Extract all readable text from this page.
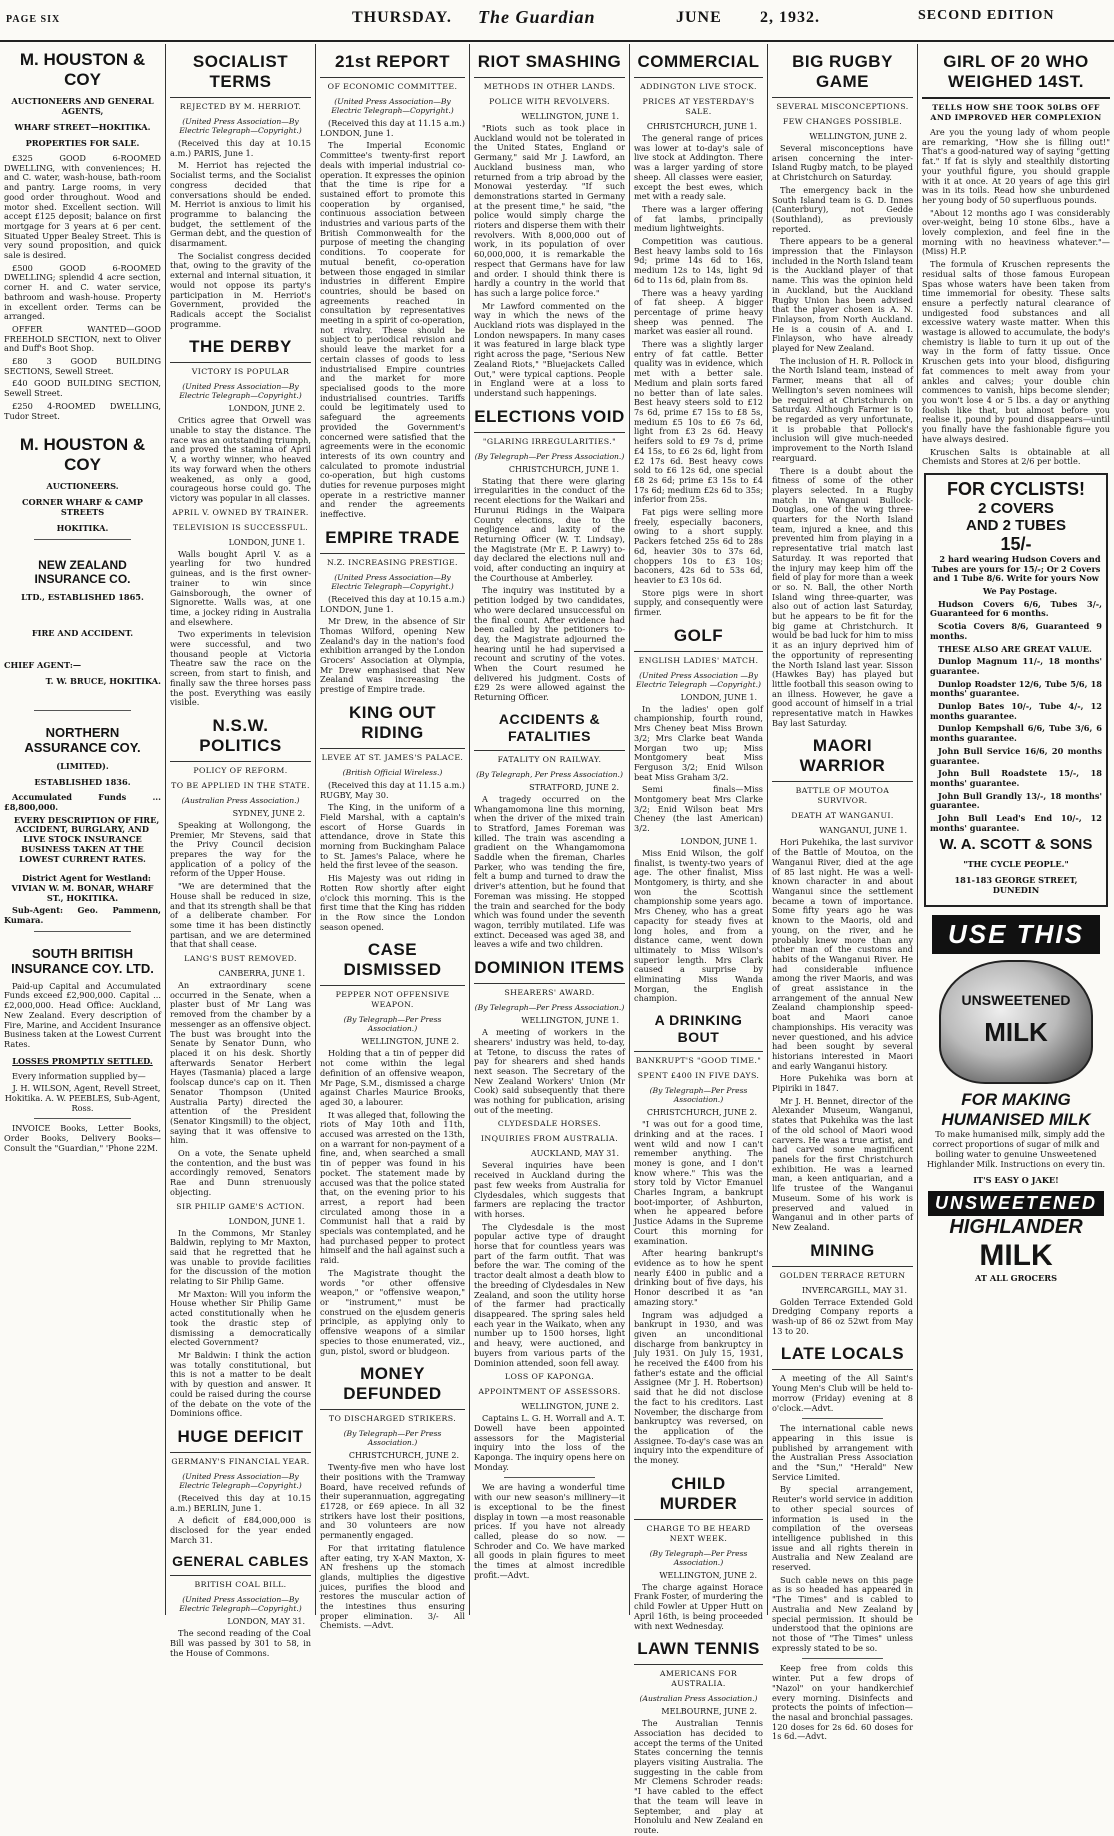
PAGE SIX	THURSDAY. The Guardian	JUNE 2, 1932.	SECOND EDITION
M. HOUSTON & COY
AUCTIONEERS AND GENERAL AGENTS,
WHARF STREET—HOKITIKA.
PROPERTIES FOR SALE.

£325 GOOD 6-ROOMED DWELLING, with conveniences; H. and C. water, wash-house, bath-room and pantry. Large rooms, in very good order throughout. Wood and motor shed. Excellent section. Will accept £125 deposit; balance on first mortgage for 3 years at 6 per cent. Situated Upper Bealey Street. This is very sound proposition, and quick sale is desired.

£500 GOOD 6-ROOMED DWELLING; splendid 4 acre section, corner H. and C. water service, bathroom and wash-house. Property in excellent order. Terms can be arranged.

OFFER WANTED—GOOD FREEHOLD SECTION, next to Oliver and Duff's Boot Shop.

£80 3 GOOD BUILDING SECTIONS, Sewell Street.

£40 GOOD BUILDING SECTION, Sewell Street.

£250 4-ROOMED DWELLING, Tudor Street.

M. HOUSTON & COY
AUCTIONEERS.
CORNER WHARF & CAMP STREETS
HOKITIKA.
NEW ZEALAND INSURANCE CO.
LTD., ESTABLISHED 1865.
FIRE AND ACCIDENT.
CHIEF AGENT:—
T. W. BRUCE, HOKITIKA.
NORTHERN ASSURANCE COY.
(LIMITED).
ESTABLISHED 1836.

Accumulated Funds ... £8,800,000.

EVERY DESCRIPTION OF FIRE, ACCIDENT, BURGLARY, AND LIVE STOCK INSURANCE BUSINESS TAKEN AT THE LOWEST CURRENT RATES.

District Agent for Westland: VIVIAN W. M. BONAR, WHARF ST., HOKITIKA.

Sub-Agent: Geo. Pammenn, Kumara.

SOUTH BRITISH INSURANCE COY. LTD.

Paid-up Capital and Accumulated Funds exceed £2,900,000. Capital ... £2,000,000. Head Office: Auckland, New Zealand. Every description of Fire, Marine, and Accident Insurance Business taken at the Lowest Current Rates.

LOSSES PROMPTLY SETTLED.

Every information supplied by—

J. H. WILSON, Agent, Revell Street, Hokitika. A. W. PEEBLES, Sub-Agent, Ross.

INVOICE Books, Letter Books, Order Books, Delivery Books—Consult the "Guardian," 'Phone 22M.

SOCIALIST TERMS
REJECTED BY M. HERRIOT.
(United Press Association—By Electric Telegraph—Copyright.)

(Received this day at 10.15 a.m.) PARIS, June 1.

M. Herriot has rejected the Socialist terms, and the Socialist congress decided that conversations should be ended. M. Herriot is anxious to limit his programme to balancing the budget, the settlement of the German debt, and the question of disarmament.

The Socialist congress decided that, owing to the gravity of the external and internal situation, it would not oppose its party's participation in M. Herriot's Government, provided the Radicals accept the Socialist programme.

THE DERBY
VICTORY IS POPULAR
(United Press Association—By Electric Telegraph—Copyright.)
LONDON, JUNE 2.

Critics agree that Orwell was unable to stay the distance. The race was an outstanding triumph, and proved the stamina of April V, a worthy winner, who heaved its way forward when the others weakened, as only a good, courageous horse could go. The victory was popular in all classes.

APRIL V. OWNED BY TRAINER.
TELEVISION IS SUCCESSFUL.
LONDON, JUNE 1.

Walls bought April V. as a yearling for two hundred guineas, and is the first owner-trainer to win since Gainsborough, the owner of Signorette. Walls was, at one time, a jockey riding in Australia and elsewhere.

Two experiments in television were successful, and two thousand people at Victoria Theatre saw the race on the screen, from start to finish, and finally saw the three horses pass the post. Everything was easily visible.

N.S.W. POLITICS
POLICY OF REFORM.
TO BE APPLIED IN THE STATE.
(Australian Press Association.)
SYDNEY, JUNE 2.

Speaking at Wollongong, the Premier, Mr Stevens, said that the Privy Council decision prepares the way for the application of a policy of the reform of the Upper House.

"We are determined that the House shall be reduced in size, and that its strength shall be that of a deliberate chamber. For some time it has been distinctly partisan, and we are determined that that shall cease.

LANG'S BUST REMOVED.
CANBERRA, JUNE 1.

An extraordinary scene occurred in the Senate, when a plaster bust of Mr Lang was removed from the chamber by a messenger as an offensive object. The bust was brought into the Senate by Senator Dunn, who placed it on his desk. Shortly afterwards Senator Herbert Hayes (Tasmania) placed a large foolscap dunce's cap on it. Then Senator Thompson (United Australia Party) directed the attention of the President (Senator Kingsmill) to the object, saying that it was offensive to him.

On a vote, the Senate upheld the contention, and the bust was accordingly removed, Senators Rae and Dunn strenuously objecting.

SIR PHILIP GAME'S ACTION.
LONDON, JUNE 1.

In the Commons, Mr Stanley Baldwin, replying to Mr Maxton, said that he regretted that he was unable to provide facilities for the discussion of the motion relating to Sir Philip Game.

Mr Maxton: Will you inform the House whether Sir Philip Game acted constitutionally when he took the drastic step of dismissing a democratically elected Government?

Mr Baldwin: I think the action was totally constitutional, but this is not a matter to be dealt with by question and answer. It could be raised during the course of the debate on the vote of the Dominions office.

HUGE DEFICIT
GERMANY'S FINANCIAL YEAR.
(United Press Association—By Electric Telegraph—Copyright.)

(Received this day at 10.15 a.m.) BERLIN, June 1.

A deficit of £84,000,000 is disclosed for the year ended March 31.

GENERAL CABLES
BRITISH COAL BILL.
(United Press Association—By Electric Telegraph—Copyright.)
LONDON, MAY 31.

The second reading of the Coal Bill was passed by 301 to 58, in the House of Commons.

21st REPORT
OF ECONOMIC COMMITTEE.
(United Press Association—By Electric Telegraph—Copyright.)

(Received this day at 11.15 a.m.) LONDON, June 1.

The Imperial Economic Committee's twenty-first report deals with imperial industrial co-operation. It expresses the opinion that the time is ripe for a sustained effort to promote this cooperation by organised, continuous association between industries and various parts of the British Commonwealth for the purpose of meeting the changing conditions. To cooperate for mutual benefit, co-operation between those engaged in similar industries in different Empire countries, should be based on agreements reached in consultation by representatives meeting in a spirit of co-operation, not rivalry. These should be subject to periodical revision and should leave the market for a certain classes of goods to less industrialised Empire countries and the market for more specialised goods to the more industrialised countries. Tariffs could be legitimately used to safeguard the agreements provided the Government's concerned were satisfied that the agreements were in the economic interests of its own country and calculated to promote industrial co-operation, but high customs duties for revenue purposes might operate in a restrictive manner and render the agreements ineffective.

EMPIRE TRADE
N.Z. INCREASING PRESTIGE.
(United Press Association—By Electric Telegraph—Copyright.)

(Received this day at 10.15 a.m.) LONDON, June 1.

Mr Drew, in the absence of Sir Thomas Wilford, opening New Zealand's day in the nation's food exhibition arranged by the London Grocers' Association at Olympia, Mr Drew emphasised that New Zealand was increasing the prestige of Empire trade.

KING OUT RIDING
LEVEE AT ST. JAMES'S PALACE.
(British Official Wireless.)

(Received this day at 11.15 a.m.) RUGBY, May 30.

The King, in the uniform of a Field Marshal, with a captain's escort of Horse Guards in attendance, drove in State this morning from Buckingham Palace to St. James's Palace, where he held the first levee of the season.

His Majesty was out riding in Rotten Row shortly after eight o'clock this morning. This is the first time that the King has ridden in the Row since the London season opened.

CASE DISMISSED
PEPPER NOT OFFENSIVE WEAPON.
(By Telegraph—Per Press Association.)
WELLINGTON, JUNE 2.

Holding that a tin of pepper did not come within the legal definition of an offensive weapon, Mr Page, S.M., dismissed a charge against Charles Maurice Brooks, aged 30, a labourer.

It was alleged that, following the riots of May 10th and 11th, accused was arrested on the 13th, on a warrant for non-payment of a fine, and, when searched a small tin of pepper was found in his pocket. The statement made by accused was that the police stated that, on the evening prior to his arrest, a report had been circulated among those in a Communist hall that a raid by specials was contemplated, and he had purchased pepper to protect himself and the hall against such a raid.

The Magistrate thought the words "or other offensive weapon," or "offensive weapon," or "instrument," must be construed on the ejusdem generis principle, as applying only to offensive weapons of a similar species to those enumerated, viz., gun, pistol, sword or bludgeon.

MONEY DEFUNDED
TO DISCHARGED STRIKERS.
(By Telegraph—Per Press Association.)
CHRISTCHURCH, JUNE 2.

Twenty-five men who have lost their positions with the Tramway Board, have received refunds of their superannuation, aggregating £1728, or £69 apiece. In all 32 strikers have lost their positions, and 30 volunteers are now permanently engaged.

For that irritating flatulence after eating, try X-AN Maxton, X-AN freshens up the stomach glands, multiplies the digestive juices, purifies the blood and restores the muscular action of the intestines thus ensuring proper elimination. 3/- All Chemists. —Advt.

RIOT SMASHING
METHODS IN OTHER LANDS.
POLICE WITH REVOLVERS.
WELLINGTON, JUNE 1.

"Riots such as took place in Auckland would not be tolerated in the United States, England or Germany," said Mr J. Lawford, an Auckland business man, who returned from a trip abroad by the Monowai yesterday. "If such demonstrations started in Germany at the present time," he said, "the police would simply charge the rioters and disperse them with their revolvers. With 8,000,000 out of work, in its population of over 60,000,000, it is remarkable the respect that Germans have for law and order. I should think there is hardly a country in the world that has such a large police force."

Mr Lawford commented on the way in which the news of the Auckland riots was displayed in the London newspapers. In many cases it was featured in large black type right across the page, "Serious New Zealand Riots," "Bluejackets Called Out," were typical captions. People in England were at a loss to understand such happenings.

ELECTIONS VOID
"GLARING IRREGULARITIES."
(By Telegraph—Per Press Association.)
CHRISTCHURCH, JUNE 1.

Stating that there were glaring irregularities in the conduct of the recent elections for the Waikari and Hurunui Ridings in the Waipara County elections, due to the negligence and laxity of the Returning Officer (W. T. Lindsay), the Magistrate (Mr E. P. Lawry) to-day declared the elections null and void, after conducting an inquiry at the Courthouse at Amberley.

The inquiry was instituted by a petition lodged by two candidates, who were declared unsuccessful on the final count. After evidence had been called by the petitioners to-day, the Magistrate adjourned the hearing until he had supervised a recount and scrutiny of the votes. When the Court resumed he delivered his judgment. Costs of £29 2s were allowed against the Returning Officer.

ACCIDENTS & FATALITIES
FATALITY ON RAILWAY.
(By Telegraph, Per Press Association.)
STRATFORD, JUNE 2.

A tragedy occurred on the Whangamomona line this morning, when the driver of the mixed train to Stratford, James Foreman was killed. The train was ascending a gradient on the Whangamomona Saddle when the fireman, Charles Parker, who was tending the fire, felt a bump and turned to draw the driver's attention, but he found that Foreman was missing. He stopped the train and searched for the body which was found under the seventh wagon, terribly mutilated. Life was extinct. Deceased was aged 38, and leaves a wife and two children.

DOMINION ITEMS
SHEARERS' AWARD.
(By Telegraph—Per Press Association.)
WELLINGTON, JUNE 1.

A meeting of workers in the shearers' industry was held, to-day, at Tetone, to discuss the rates of pay for shearers and shed hands next season. The Secretary of the New Zealand Workers' Union (Mr Cook) said subsequently that there was nothing for publication, arising out of the meeting.

CLYDESDALE HORSES.
INQUIRIES FROM AUSTRALIA.
AUCKLAND, MAY 31.

Several inquiries have been received in Auckland during the past few weeks from Australia for Clydesdales, which suggests that farmers are replacing the tractor with horses.

The Clydesdale is the most popular active type of draught horse that for countless years was part of the farm outfit. That was before the war. The coming of the tractor dealt almost a death blow to the breeding of Clydesdales in New Zealand, and soon the utility horse of the farmer had practically disappeared. The spring sales held each year in the Waikato, when any number up to 1500 horses, light and heavy, were auctioned, and buyers from various parts of the Dominion attended, soon fell away.

LOSS OF KAPONGA.
APPOINTMENT OF ASSESSORS.
WELLINGTON, JUNE 2.

Captains L. G. H. Worrall and A. T. Dowell have been appointed assessors for the Magisterial inquiry into the loss of the Kaponga. The inquiry opens here on Monday.

We are having a wonderful time with our new season's millinery—it is exceptional to be the finest display in town —a most reasonable prices. If you have not already called, please do so now. —Schroder and Co. We have marked all goods in plain figures to meet the times at almost incredible profit.—Advt.

COMMERCIAL
ADDINGTON LIVE STOCK.
PRICES AT YESTERDAY'S SALE.
CHRISTCHURCH, JUNE 1.

The general range of prices was lower at to-day's sale of live stock at Addington. There was a larger yarding of store sheep. All classes were easier, except the best ewes, which met with a ready sale.

There was a larger offering of fat lambs, principally medium lightweights.

Competition was cautious. Best heavy lambs sold to 16s 9d; prime 14s 6d to 16s, medium 12s to 14s, light 9d 6d to 11s 6d, plain from 8s.

There was a heavy yarding of fat sheep. A bigger percentage of prime heavy sheep was penned. The market was easier all round.

There was a slightly larger entry of fat cattle. Better quality was in evidence, which met with a better sale. Medium and plain sorts fared no better than of late sales. Best heavy steers sold to £12 7s 6d, prime £7 15s to £8 5s, medium £5 10s to £6 7s 6d, light from £3 2s 6d. Heavy heifers sold to £9 7s d, prime £4 15s, to £6 2s 6d, light from £2 17s 6d. Best heavy cows sold to £6 12s 6d, one special £8 2s 6d; prime £3 15s to £4 17s 6d; medium £2s 6d to 35s; inferior from 25s.

Fat pigs were selling more freely, especially baconers, owing to a short supply. Packers fetched 25s 6d to 28s 6d, heavier 30s to 37s 6d, choppers 10s to £3 10s; baconers, 42s 6d to 53s 6d, heavier to £3 10s 6d.

Store pigs were in short supply, and consequently were firmer.

GOLF
ENGLISH LADIES' MATCH.
(United Press Association —By Electric Telegraph —Copyright.)
LONDON, JUNE 1.

In the ladies' open golf championship, fourth round, Mrs Cheney beat Miss Brown 3/2; Mrs Clarke beat Wanda Morgan two up; Miss Montgomery beat Miss Ferguson 3/2; Enid Wilson beat Miss Graham 3/2.

Semi finals—Miss Montgomery beat Mrs Clarke 3/2; Enid Wilson beat Mrs Cheney (the last American) 3/2.

LONDON, JUNE 1.

Miss Enid Wilson, the golf finalist, is twenty-two years of age. The other finalist, Miss Montgomery, is thirty, and she won the Scottish championship some years ago. Mrs Cheney, who has a great capacity for steady fives at long holes, and from a distance came, went down ultimately to Miss Wilson's superior length. Mrs Clark caused a surprise by eliminating Miss Wanda Morgan, the English champion.

A DRINKING BOUT
BANKRUPT'S "GOOD TIME."
SPENT £400 IN FIVE DAYS.
(By Telegraph—Per Press Association.)
CHRISTCHURCH, JUNE 2.

"I was out for a good time, drinking and at the races. I went wild and now I can't remember anything. The money is gone, and I don't know where." This was the story told by Victor Emanuel Charles Ingram, a bankrupt boot-importer, of Ashburton, when he appeared before Justice Adams in the Supreme Court this morning for examination.

After hearing bankrupt's evidence as to how he spent nearly £400 in public and a drinking bout of five days, his Honor described it as "an amazing story."

Ingram was adjudged a bankrupt in 1930, and was given an unconditional discharge from bankruptcy in July 1931. On July 15, 1931, he received the £400 from his father's estate and the official Assignee (Mr J. H. Robertson) said that he did not disclose the fact to his creditors. Last November, the discharge from bankruptcy was reversed, on the application of the Assignee. To-day's case was an inquiry into the expenditure of the money.

CHILD MURDER
CHARGE TO BE HEARD NEXT WEEK.
(By Telegraph—Per Press Association.)
WELLINGTON, JUNE 2.

The charge against Horace Frank Foster, of murdering the child Fowler at Upper Hutt on April 16th, is being proceeded with next Wednesday.

LAWN TENNIS
AMERICANS FOR AUSTRALIA.
(Australian Press Association.)
MELBOURNE, JUNE 2.

The Australian Tennis Association has decided to accept the terms of the United States concerning the tennis players visiting Australia. The suggesting in the cable from Mr Clemens Schroder reads: "I have cabled to the effect that the team will leave in September, and play at Honolulu and New Zealand en route.

BIG RUGBY GAME
SEVERAL MISCONCEPTIONS.
FEW CHANGES POSSIBLE.
WELLINGTON, JUNE 2.

Several misconceptions have arisen concerning the inter-Island Rugby match, to be played at Christchurch on Saturday.

The emergency back in the South Island team is G. D. Innes (Canterbury), not Gedde (Southland), as previously reported.

There appears to be a general impression that the Finlayson included in the North Island team is the Auckland player of that name. This was the opinion held in Auckland, but the Auckland Rugby Union has been advised that the player chosen is A. N. Finlayson, from North Auckland. He is a cousin of A. and I. Finlayson, who have already played for New Zealand.

The inclusion of H. R. Pollock in the North Island team, instead of Farmer, means that all of Wellington's seven nominees will be required at Christchurch on Saturday. Although Farmer is to be regarded as very unfortunate, it is probable that Pollock's inclusion will give much-needed improvement to the North Island rearguard.

There is a doubt about the fitness of some of the other players selected. In a Rugby match in Wanganui Bullock-Douglas, one of the wing three-quarters for the North Island team, injured a knee, and this prevented him from playing in a representative trial match last Saturday. It was reported that the injury may keep him off the field of play for more than a week or so. N. Ball, the other North Island wing three-quarter, was also out of action last Saturday, but he appears to be fit for the big game at Christchurch. It would be bad luck for him to miss it as an injury deprived him of the opportunity of representing the North Island last year. Sisson (Hawkes Bay) has played but little football this season owing to an illness. However, he gave a good account of himself in a trial representative match in Hawkes Bay last Saturday.

MAORI WARRIOR
BATTLE OF MOUTOA SURVIVOR.
DEATH AT WANGANUI.
WANGANUI, JUNE 1.

Hori Pukehika, the last survivor of the Battle of Moutoa, on the Wanganui River, died at the age of 85 last night. He was a well-known character in and about Wanganui since the settlement became a town of importance. Some fifty years ago he was known to the Maoris, old and young, on the river, and he probably knew more than any other man of the customs and habits of the Wanganui River. He had considerable influence among the river Maoris, and was of great assistance in the arrangement of the annual New Zealand championship speed-boat and Maori canoe championships. His veracity was never questioned, and his advice had been sought by several historians interested in Maori and early Wanganui history.

Hore Pukehika was born at Pipiriki in 1847.

Mr J. H. Bennet, director of the Alexander Museum, Wanganui, states that Pukehika was the last of the old school of Maori wood carvers. He was a true artist, and had carved some magnificent panels for the first Christchurch exhibition. He was a learned man, a keen antiquarian, and a life trustee of the Wanganui Museum. Some of his work is preserved and valued in Wanganui and in other parts of New Zealand.

MINING
GOLDEN TERRACE RETURN
INVERCARGILL, MAY 31.

Golden Terrace Extended Gold Dredging Company reports a wash-up of 86 oz 52wt from May 13 to 20.

LATE LOCALS

A meeting of the All Saint's Young Men's Club will be held to-morrow (Friday) evening at 8 o'clock.—Advt.

The international cable news appearing in this issue is published by arrangement with the Australian Press Association and the "Sun," "Herald" New Service Limited.

By special arrangement, Reuter's world service in addition to other special sources of information is used in the compilation of the overseas intelligence published in this issue and all rights therein in Australia and New Zealand are reserved.

Such cable news on this page as is so headed has appeared in "The Times" and is cabled to Australia and New Zealand by special permission. It should be understood that the opinions are not those of "The Times" unless expressly stated to be so.

Keep free from colds this winter. Put a few drops of "Nazol" on your handkerchief every morning. Disinfects and protects the points of infection—the nasal and bronchial passages. 120 doses for 2s 6d. 60 doses for 1s 6d.—Advt.

GIRL OF 20 WHO WEIGHED 14ST.
TELLS HOW SHE TOOK 50LBS OFF AND IMPROVED HER COMPLEXION

Are you the young lady of whom people are remarking, "How she is filling out!" That's a good-natured way of saying "getting fat." If fat is slyly and stealthily distorting your youthful figure, you should grapple with it at once. At 20 years of age this girl was in its toils. Read how she unburdened her young body of 50 superfluous pounds.

"About 12 months ago I was considerably over-weight, being 10 stone 6lbs., have a lovely complexion, and feel fine in the morning with no heaviness whatever."—(Miss) H.P.

The formula of Kruschen represents the residual salts of those famous European Spas whose waters have been taken from time immemorial for obesity. These salts ensure a perfectly natural clearance of undigested food substances and all excessive watery waste matter. When this wastage is allowed to accumulate, the body's chemistry is liable to turn it up out of the way in the form of fatty tissue. Once Kruschen gets into your blood, disfiguring fat commences to melt away from your ankles and calves; your double chin commences to vanish, hips become slender; you won't lose 4 or 5 lbs. a day or anything foolish like that, but almost before you realise it, pound by pound disappears—until you finally have the fashionable figure you have always desired.

Kruschen Salts is obtainable at all Chemists and Stores at 2/6 per bottle.

FOR CYCLISTS!
2 COVERS
AND 2 TUBES
15/-

2 hard wearing Hudson Covers and Tubes are yours for 15/-; Or 2 Covers and 1 Tube 8/6. Write for yours Now

We Pay Postage.

Hudson Covers 6/6, Tubes 3/-, Guaranteed for 6 months.

Scotia Covers 8/6, Guaranteed 9 months.

THESE ALSO ARE GREAT VALUE.

Dunlop Magnum 11/-, 18 months' guarantee.

Dunlop Roadster 12/6, Tube 5/6, 18 months' guarantee.

Dunlop Bates 10/-, Tube 4/-, 12 months guarantee.

Dunlop Kempshall 6/6, Tube 3/6, 6 months guarantee.

John Bull Service 16/6, 20 months guarantee.

John Bull Roadstete 15/-, 18 months' guarantee.

John Bull Grandly 13/-, 18 months' guarantee.

John Bull Lead's End 10/-, 12 months' guarantee.

W. A. SCOTT & SONS
"THE CYCLE PEOPLE."
181-183 GEORGE STREET, DUNEDIN
USE THIS
UNSWEETENED
MILK
FOR MAKING HUMANISED MILK

To make humanised milk, simply add the correct proportions of sugar of milk and boiling water to genuine Unsweetened Highlander Milk. Instructions on every tin.

IT'S EASY O JAKE!
UNSWEETENED
HIGHLANDER
MILK
AT ALL GROCERS
